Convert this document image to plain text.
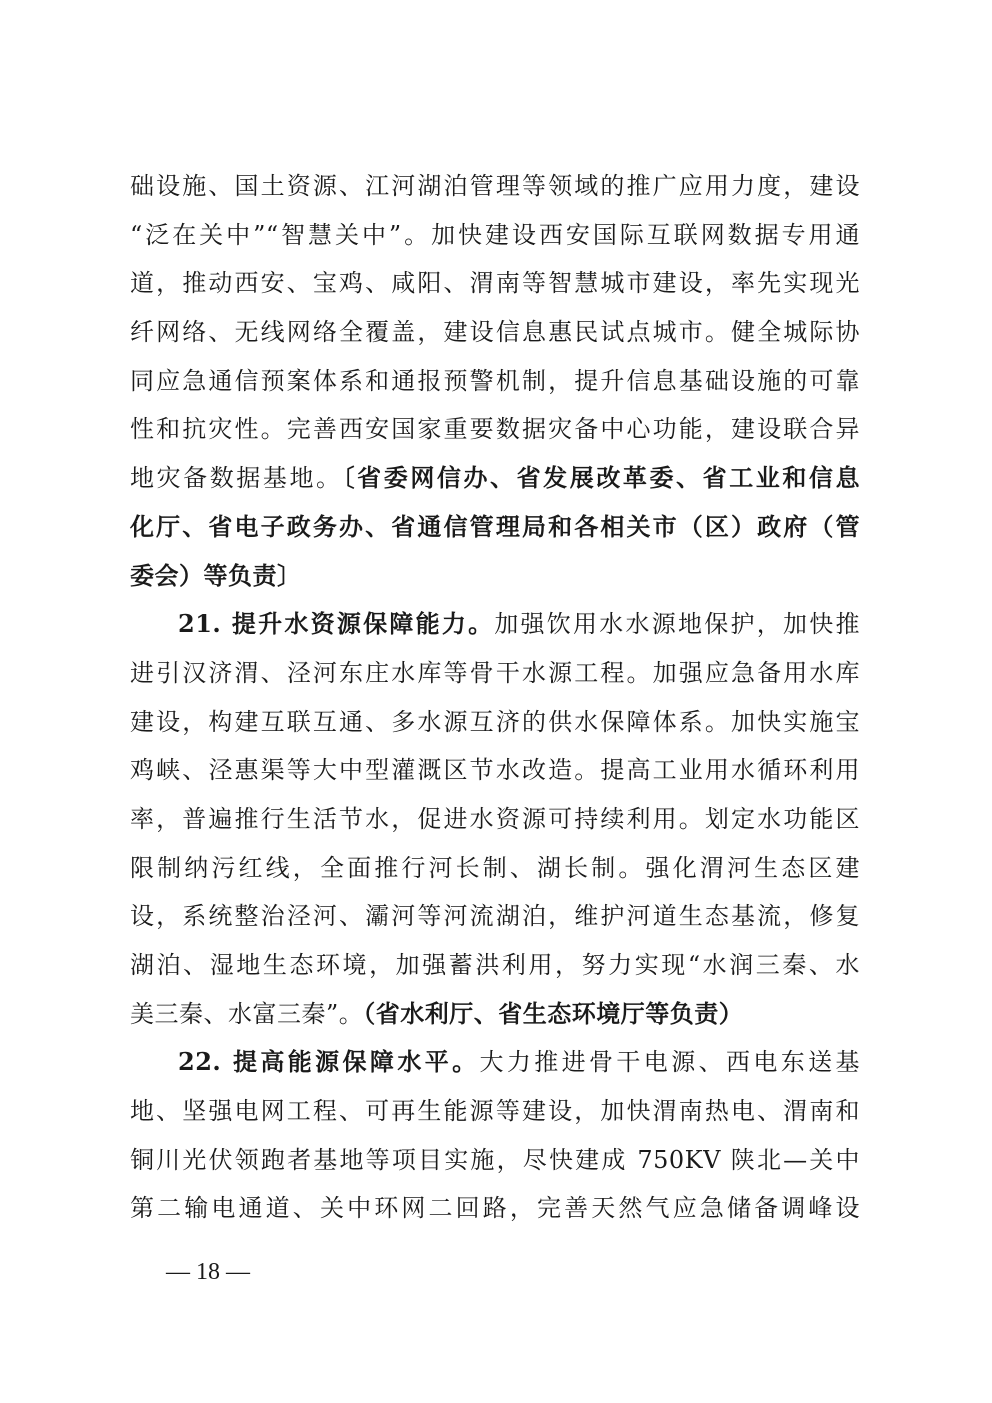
础设施、国土资源、江河湖泊管理等领域的推广应用力度，建设
“泛在关中”“智慧关中”。加快建设西安国际互联网数据专用通
道，推动西安、宝鸡、咸阳、渭南等智慧城市建设，率先实现光
纤网络、无线网络全覆盖，建设信息惠民试点城市。健全城际协
同应急通信预案体系和通报预警机制，提升信息基础设施的可靠
性和抗灾性。完善西安国家重要数据灾备中心功能，建设联合异
地灾备数据基地。〔省委网信办、省发展改革委、省工业和信息
化厅、省电子政务办、省通信管理局和各相关市（区）政府（管
委会）等负责〕
21. 提升水资源保障能力。加强饮用水水源地保护，加快推
进引汉济渭、泾河东庄水库等骨干水源工程。加强应急备用水库
建设，构建互联互通、多水源互济的供水保障体系。加快实施宝
鸡峡、泾惠渠等大中型灌溉区节水改造。提高工业用水循环利用
率，普遍推行生活节水，促进水资源可持续利用。划定水功能区
限制纳污红线，全面推行河长制、湖长制。强化渭河生态区建
设，系统整治泾河、灞河等河流湖泊，维护河道生态基流，修复
湖泊、湿地生态环境，加强蓄洪利用，努力实现“水润三秦、水
美三秦、水富三秦”。（省水利厅、省生态环境厅等负责）
22. 提高能源保障水平。大力推进骨干电源、西电东送基
地、坚强电网工程、可再生能源等建设，加快渭南热电、渭南和
铜川光伏领跑者基地等项目实施，尽快建成 750KV 陕北—关中
第二输电通道、关中环网二回路，完善天然气应急储备调峰设
— 18 —
